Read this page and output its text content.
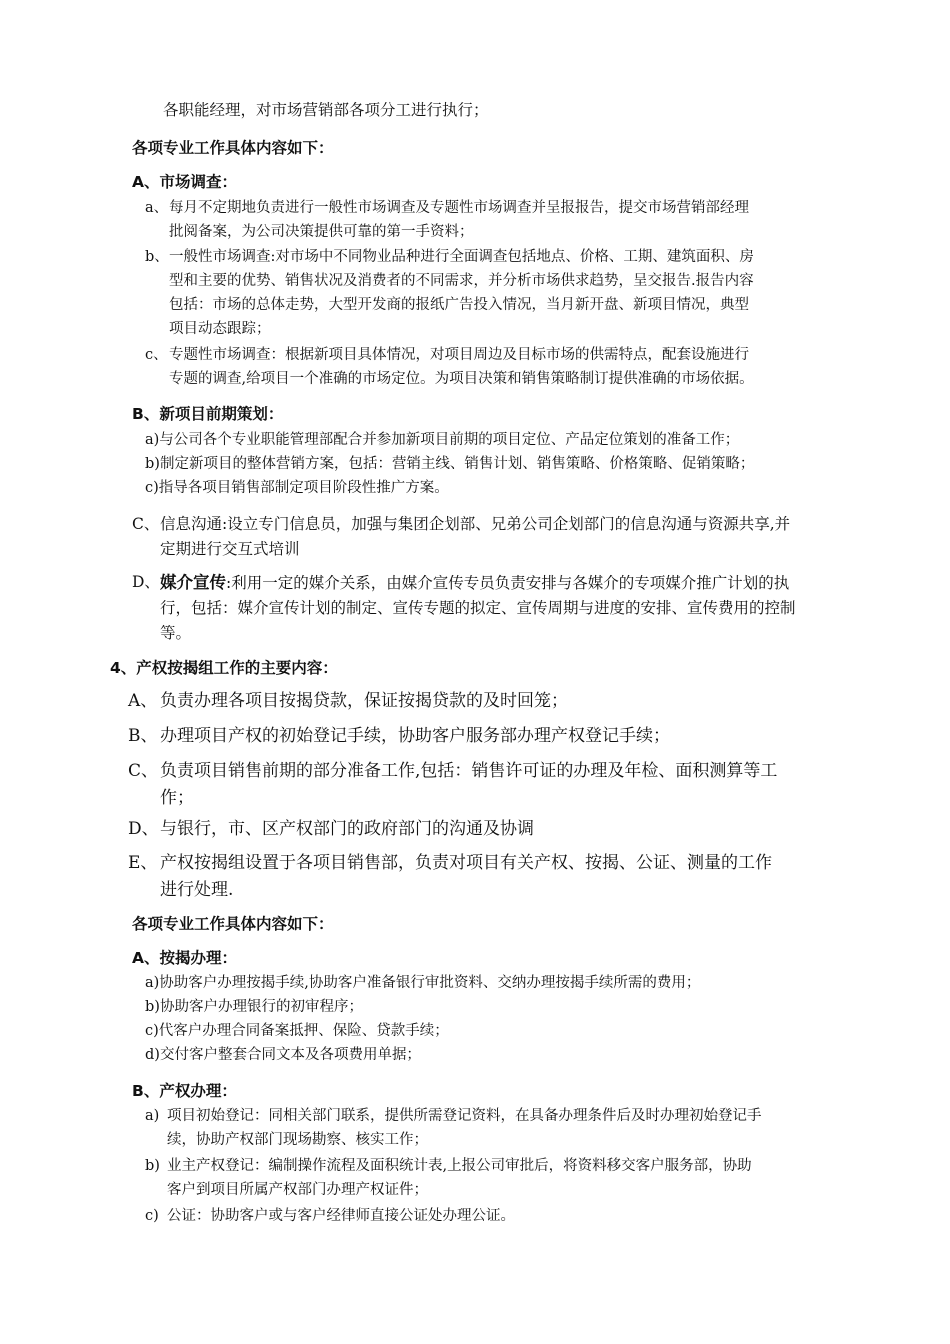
各职能经理，对市场营销部各项分工进行执行；
各项专业工作具体内容如下：
A、市场调查：
a、 每月不定期地负责进行一般性市场调查及专题性市场调查并呈报报告，提交市场营销部经理
批阅备案，为公司决策提供可靠的第一手资料；
b、 一般性市场调查:对市场中不同物业品种进行全面调查包括地点、价格、工期、建筑面积、房
型和主要的优势、销售状况及消费者的不同需求，并分析市场供求趋势，呈交报告.报告内容
包括：市场的总体走势，大型开发商的报纸广告投入情况，当月新开盘、新项目情况，典型
项目动态跟踪；
c、 专题性市场调查：根据新项目具体情况，对项目周边及目标市场的供需特点，配套设施进行
专题的调查,给项目一个准确的市场定位。为项目决策和销售策略制订提供准确的市场依据。
B、新项目前期策划：
a)与公司各个专业职能管理部配合并参加新项目前期的项目定位、产品定位策划的准备工作；
b)制定新项目的整体营销方案，包括：营销主线、销售计划、销售策略、价格策略、促销策略；
c)指导各项目销售部制定项目阶段性推广方案。
C、 信息沟通:设立专门信息员，加强与集团企划部、兄弟公司企划部门的信息沟通与资源共享,并
定期进行交互式培训
D、 媒介宣传:利用一定的媒介关系，由媒介宣传专员负责安排与各媒介的专项媒介推广计划的执
行，包括：媒介宣传计划的制定、宣传专题的拟定、宣传周期与进度的安排、宣传费用的控制
等。
4、产权按揭组工作的主要内容：
A、 负责办理各项目按揭贷款，保证按揭贷款的及时回笼；
B、 办理项目产权的初始登记手续，协助客户服务部办理产权登记手续；
C、 负责项目销售前期的部分准备工作,包括：销售许可证的办理及年检、面积测算等工
作；
D、 与银行，市、区产权部门的政府部门的沟通及协调
E、 产权按揭组设置于各项目销售部，负责对项目有关产权、按揭、公证、测量的工作
进行处理.
各项专业工作具体内容如下：
A、按揭办理：
a)协助客户办理按揭手续,协助客户准备银行审批资料、交纳办理按揭手续所需的费用；
b)协助客户办理银行的初审程序；
c)代客户办理合同备案抵押、保险、贷款手续；
d)交付客户整套合同文本及各项费用单据；
B、产权办理：
a) 项目初始登记：同相关部门联系，提供所需登记资料，在具备办理条件后及时办理初始登记手
续，协助产权部门现场勘察、核实工作；
b) 业主产权登记：编制操作流程及面积统计表,上报公司审批后，将资料移交客户服务部，协助
客户到项目所属产权部门办理产权证件；
c) 公证：协助客户或与客户经律师直接公证处办理公证。
